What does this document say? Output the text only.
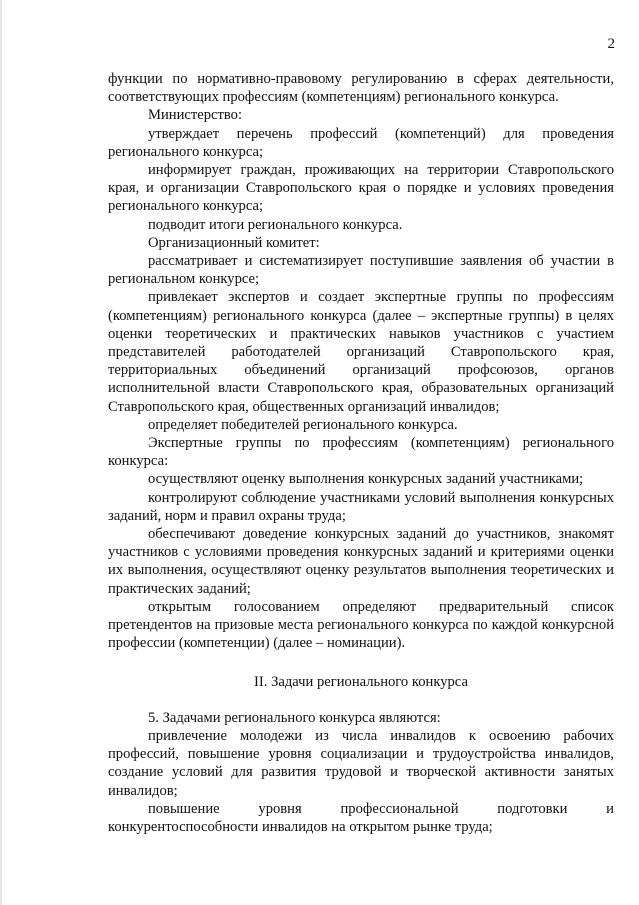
2

функции по нормативно-правовому регулированию в сферах деятельности, соответствующих профессиям (компетенциям) регионального конкурса.

Министерство:

утверждает перечень профессий (компетенций) для проведения регионального конкурса;

информирует граждан, проживающих на территории Ставропольского края, и организации Ставропольского края о порядке и условиях проведения регионального конкурса;

подводит итоги регионального конкурса.

Организационный комитет:

рассматривает и систематизирует поступившие заявления об участии в региональном конкурсе;

привлекает экспертов и создает экспертные группы по профессиям (компетенциям) регионального конкурса (далее – экспертные группы) в целях оценки теоретических и практических навыков участников с участием представителей работодателей организаций Ставропольского края, территориальных объединений организаций профсоюзов, органов исполнительной власти Ставропольского края, образовательных организаций Ставропольского края, общественных организаций инвалидов;

определяет победителей регионального конкурса.

Экспертные группы по профессиям (компетенциям) регионального конкурса:

осуществляют оценку выполнения конкурсных заданий участниками;

контролируют соблюдение участниками условий выполнения конкурсных заданий, норм и правил охраны труда;

обеспечивают доведение конкурсных заданий до участников, знакомят участников с условиями проведения конкурсных заданий и критериями оценки их выполнения, осуществляют оценку результатов выполнения теоретических и практических заданий;

открытым голосованием определяют предварительный список претендентов на призовые места регионального конкурса по каждой конкурсной профессии (компетенции) (далее – номинации).

II. Задачи регионального конкурса

5. Задачами регионального конкурса являются:

привлечение молодежи из числа инвалидов к освоению рабочих профессий, повышение уровня социализации и трудоустройства инвалидов, создание условий для развития трудовой и творческой активности занятых инвалидов;

повышение уровня профессиональной подготовки и конкурентоспособности инвалидов на открытом рынке труда;
